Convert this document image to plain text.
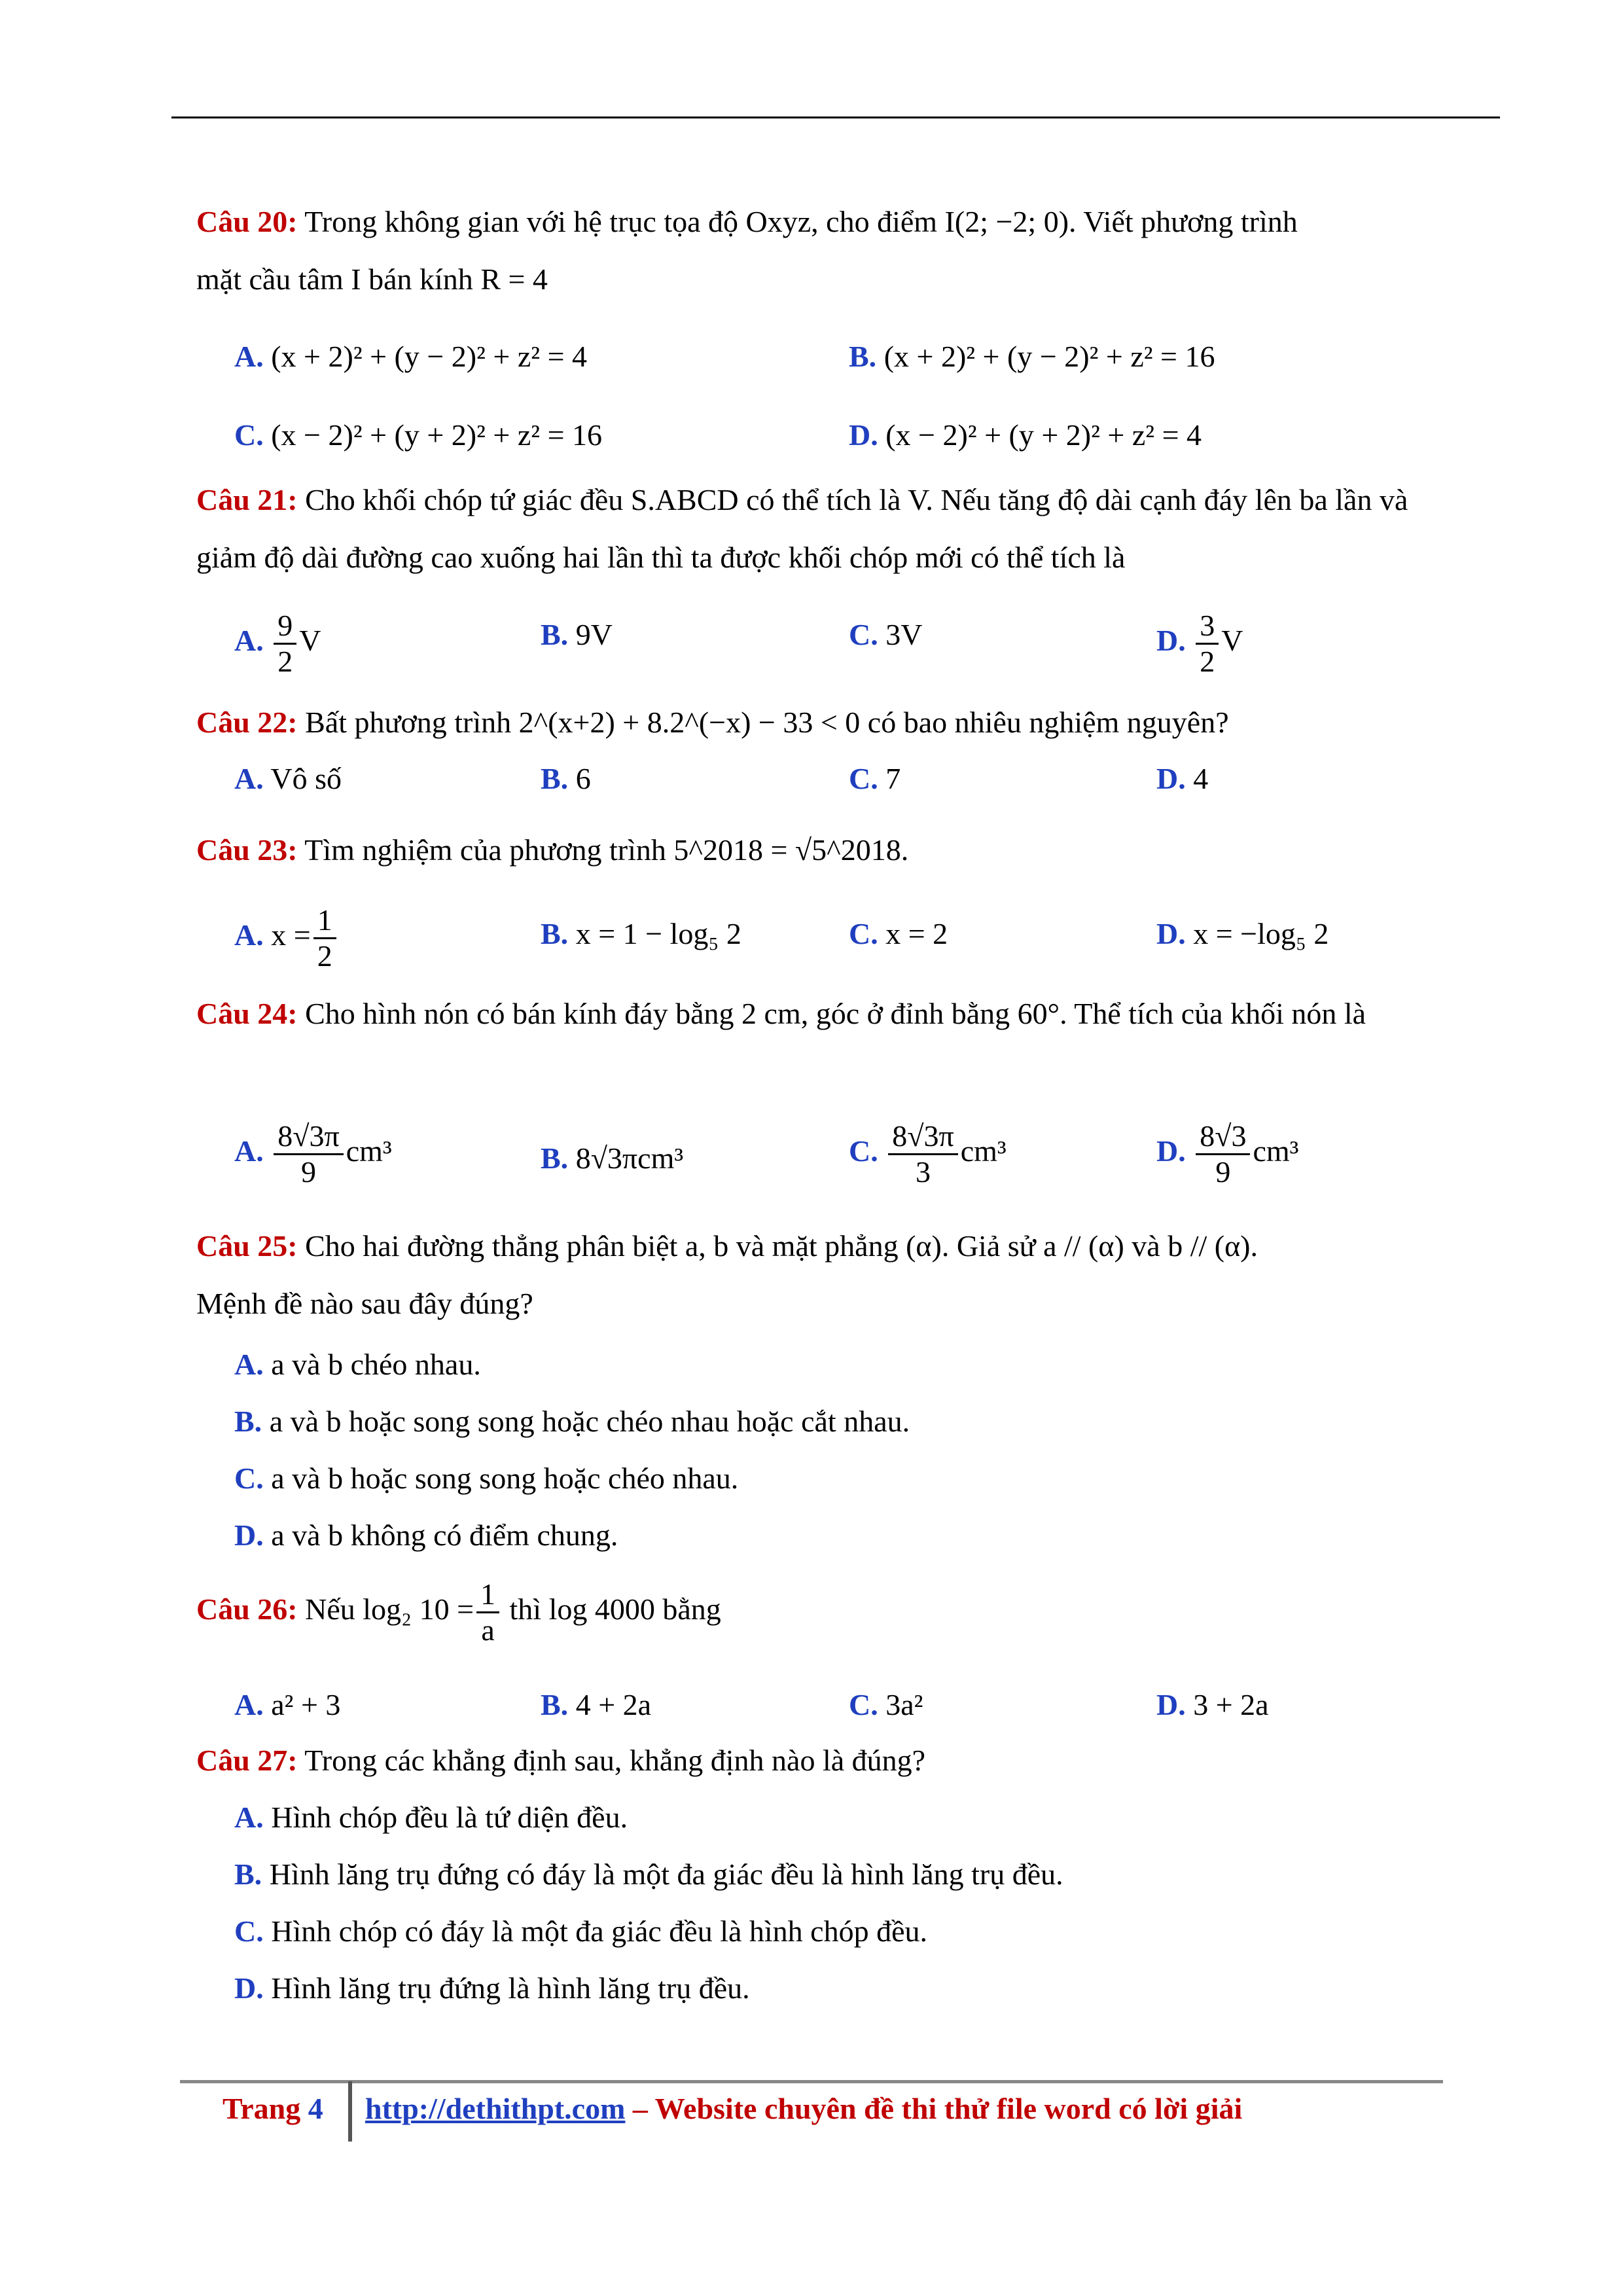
Câu 20: Trong không gian với hệ trục tọa độ Oxyz, cho điểm I(2; −2; 0). Viết phương trình
mặt cầu tâm I bán kính R = 4
A. (x + 2)² + (y − 2)² + z² = 4	B. (x + 2)² + (y − 2)² + z² = 16
C. (x − 2)² + (y + 2)² + z² = 16	D. (x − 2)² + (y + 2)² + z² = 4
Câu 21: Cho khối chóp tứ giác đều S.ABCD có thể tích là V. Nếu tăng độ dài cạnh đáy lên ba lần và giảm độ dài đường cao xuống hai lần thì ta được khối chóp mới có thể tích là
A. $\frac{9}{2}$ V	B. 9V	C. 3V	D. $\frac{3}{2}$ V
Câu 22: Bất phương trình 2^(x+2) + 8.2^(−x) − 33 < 0 có bao nhiêu nghiệm nguyên?
A. Vô số	B. 6	C. 7	D. 4
Câu 23: Tìm nghiệm của phương trình 5^2018 = √5^2018.
A. $x = \frac{1}{2}$	B. x = 1 − log₅ 2	C. x = 2	D. x = −log₅ 2
Câu 24: Cho hình nón có bán kính đáy bằng 2 cm, góc ở đỉnh bằng 60°. Thể tích của khối nón là
A. $\frac{8√3\pi}{9} cm^3$	B. 8√3πcm³	C. $\frac{8√3\pi}{3} cm^3$	D. $\frac{8√3}{9} cm^3$
Câu 25: Cho hai đường thẳng phân biệt a, b và mặt phẳng (α). Giả sử a // (α) và b // (α).
Mệnh đề nào sau đây đúng?
A. a và b chéo nhau.
B. a và b hoặc song song hoặc chéo nhau hoặc cắt nhau.
C. a và b hoặc song song hoặc chéo nhau.
D. a và b không có điểm chung.
Câu 26: Nếu log₂ $10 = \frac{1}{a}$ thì log 4000 bằng
A. a² + 3	B. 4 + 2a	C. 3a²	D. 3 + 2a
Câu 27: Trong các khẳng định sau, khẳng định nào là đúng?
A. Hình chóp đều là tứ diện đều.
B. Hình lăng trụ đứng có đáy là một đa giác đều là hình lăng trụ đều.
C. Hình chóp có đáy là một đa giác đều là hình chóp đều.
D. Hình lăng trụ đứng là hình lăng trụ đều.
Trang 4 http://dethithpt.com – Website chuyên đề thi thử file word có lời giải
